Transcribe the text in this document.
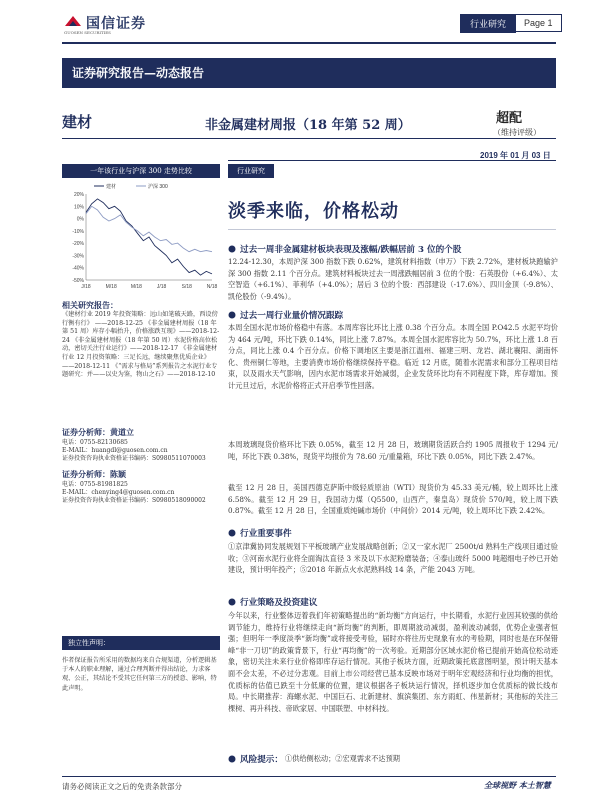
国信证券
GUOSEN SECURITIES
行业研究	Page 1
证券研究报告—动态报告
建材	非金属建材周报（18 年第 52 周）	超配
（维持评级）
2019 年 01 月 03 日
一年该行业与沪深 300 走势比较	行业研究
20%
10%
0%
-10%
-20%
-30%
-40%
-50%
J/18	M/18	M/18	J/18	S/18	N/18
建材	沪深 300
淡季来临，价格松动
相关研究报告：
《建材行业 2019 年投资策略：远山如笔破天路，西设傍行衡有行》 ——2018-12-25 《非金属建材周报（18 年第 51 周）库存小幅抬升，价格涨跌互现》——2018-12-24 《非金属建材周报（18 年第 50 周）水泥价格高位松动，密切关注行业运行》——2018-12-17 《非金属建材行业 12 月投资策略：三足长远，继续聚焦优质企业》——2018-12-11 《“需求与格局”系列报告之水泥行业专题研究：并——以史为鉴，物山之石》——2018-12-10
证券分析师：黄道立
电话：0755-82130685
E-MAIL：huangdl@guosen.com.cn
证券投资咨询执业资格证书编码：S0980511070003
证券分析师：陈颖
电话：0755-81981825
E-MAIL：chenying4@guosen.com.cn
证券投资咨询执业资格证书编码：S0980518090002
独立性声明：
作者保证报告所采用的数据均来自合规渠道，分析逻辑基于本人的职业理解，通过合理判断并得出结论，力求客观、公正，其结论不受其它任何第三方的授意、影响，特此声明。
过去一周非金属建材板块表现及涨幅/跌幅居前 3 位的个股
12.24-12.30，本周沪深 300 指数下跌 0.62%，建筑材料指数（申万）下跌 2.72%，建材板块跑输沪深 300 指数 2.11 个百分点。建筑材料板块过去一周涨跌幅居前 3 位的个股：石英股份（+6.4%）、太空智造（+6.1%）、菲利华（+4.0%）；居后 3 位的个股：西部建设（-17.6%）、四川金顶（-9.8%）、凯伦股份（-9.4%）。
过去一周行业量价情况跟踪
本周全国水泥市场价格稳中有落。本周库容比环比上涨 0.38 个百分点。本周全国 P.O42.5 水泥平均价为 464 元/吨，环比下跌 0.14%，同比上涨 7.87%。本周全国水泥库容比为 50.7%，环比上涨 1.8 百分点，同比上涨 0.4 个百分点。价格下调地区主要是浙江温州、福建三明、龙岩、湖北襄阳、湖南怀化、贵州铜仁等地，主要消费市场价格继续保持平稳。临近 12 月底，随着水泥需求和部分工程项目结束，以及雨水天气影响，因内水泥市场需求开始减弱，企业发货环比均有不同程度下降，库存增加。预计元旦过后，水泥价格将正式开启季节性回落。
本周玻璃现货价格环比下跌 0.05%，截至 12 月 28 日，玻璃期货活跃合约 1905 周报收于 1294 元/吨，环比下跌 0.38%，现货平均报价为 78.60 元/重量箱，环比下跌 0.05%，同比下跌 2.47%。
截至 12 月 28 日，美国西德克萨斯中级轻质原油（WTI）现货价为 45.33 美元/桶，较上周环比上涨 6.58%。截至 12 月 29 日，我国动力煤（Q5500，山西产，秦皇岛）现货价 570/吨，较上周下跌 0.87%。截至 12 月 28 日，全国重质纯碱市场价（中间价）2014 元/吨，较上周环比下跌 2.42%。
行业重要事件
①京津冀协同发展规划下平板玻璃产业发展战略创新；②又一家水泥厂 2500t/d 熟料生产线项目通过验收；③河南水泥行业将全面淘汰直径 3 米及以下水泥粉磨装备；④泰山玻纤 5000 吨超细电子纱已开始建设，预计明年投产；⑤2018 年新点火水泥熟料线 14 条，产能 2043 万吨。
行业策略及投资建议
今年以来，行业整体迈着我们年初策略提出的“新均衡”方向运行，中长期看，水泥行业因其较强的供给调节能力，维持行业将继续走向“新均衡”的判断，即周期波动减弱，盈利波动减弱，优势企业强者恒强；但明年一季度淡季“新均衡”或将接受考验，届时亦将往历史现象有水的考验期，同时也是在环保错峰“非一刀切”的政策背景下，行业“再均衡”的一次考验。近期部分区域水泥价格已提前开始高位松动迹象，密切关注未来行业价格即库存运行情况。其他子板块方面，近期政策托底意图明显，预计明天基本面不会太差，不必过分悲观。目前上市公司经营已基本反映市场对于明年宏观经济和行业均衡的担忧，优质标的估值已跌至十分低廉的位置，建议根据各子板块运行情况，择机逐步加仓优质标的做长线布局。中长期推荐：海螺水泥、中国巨石、北新建材、旗滨集团、东方雨虹、伟星新材；其他标的关注三棵树、再升科技、帝欧家居、中国联塑、中材科技。
风险提示： ①供给侧松动；②宏观需求不达预期
请务必阅读正文之后的免责条款部分	全球视野 本土智慧
